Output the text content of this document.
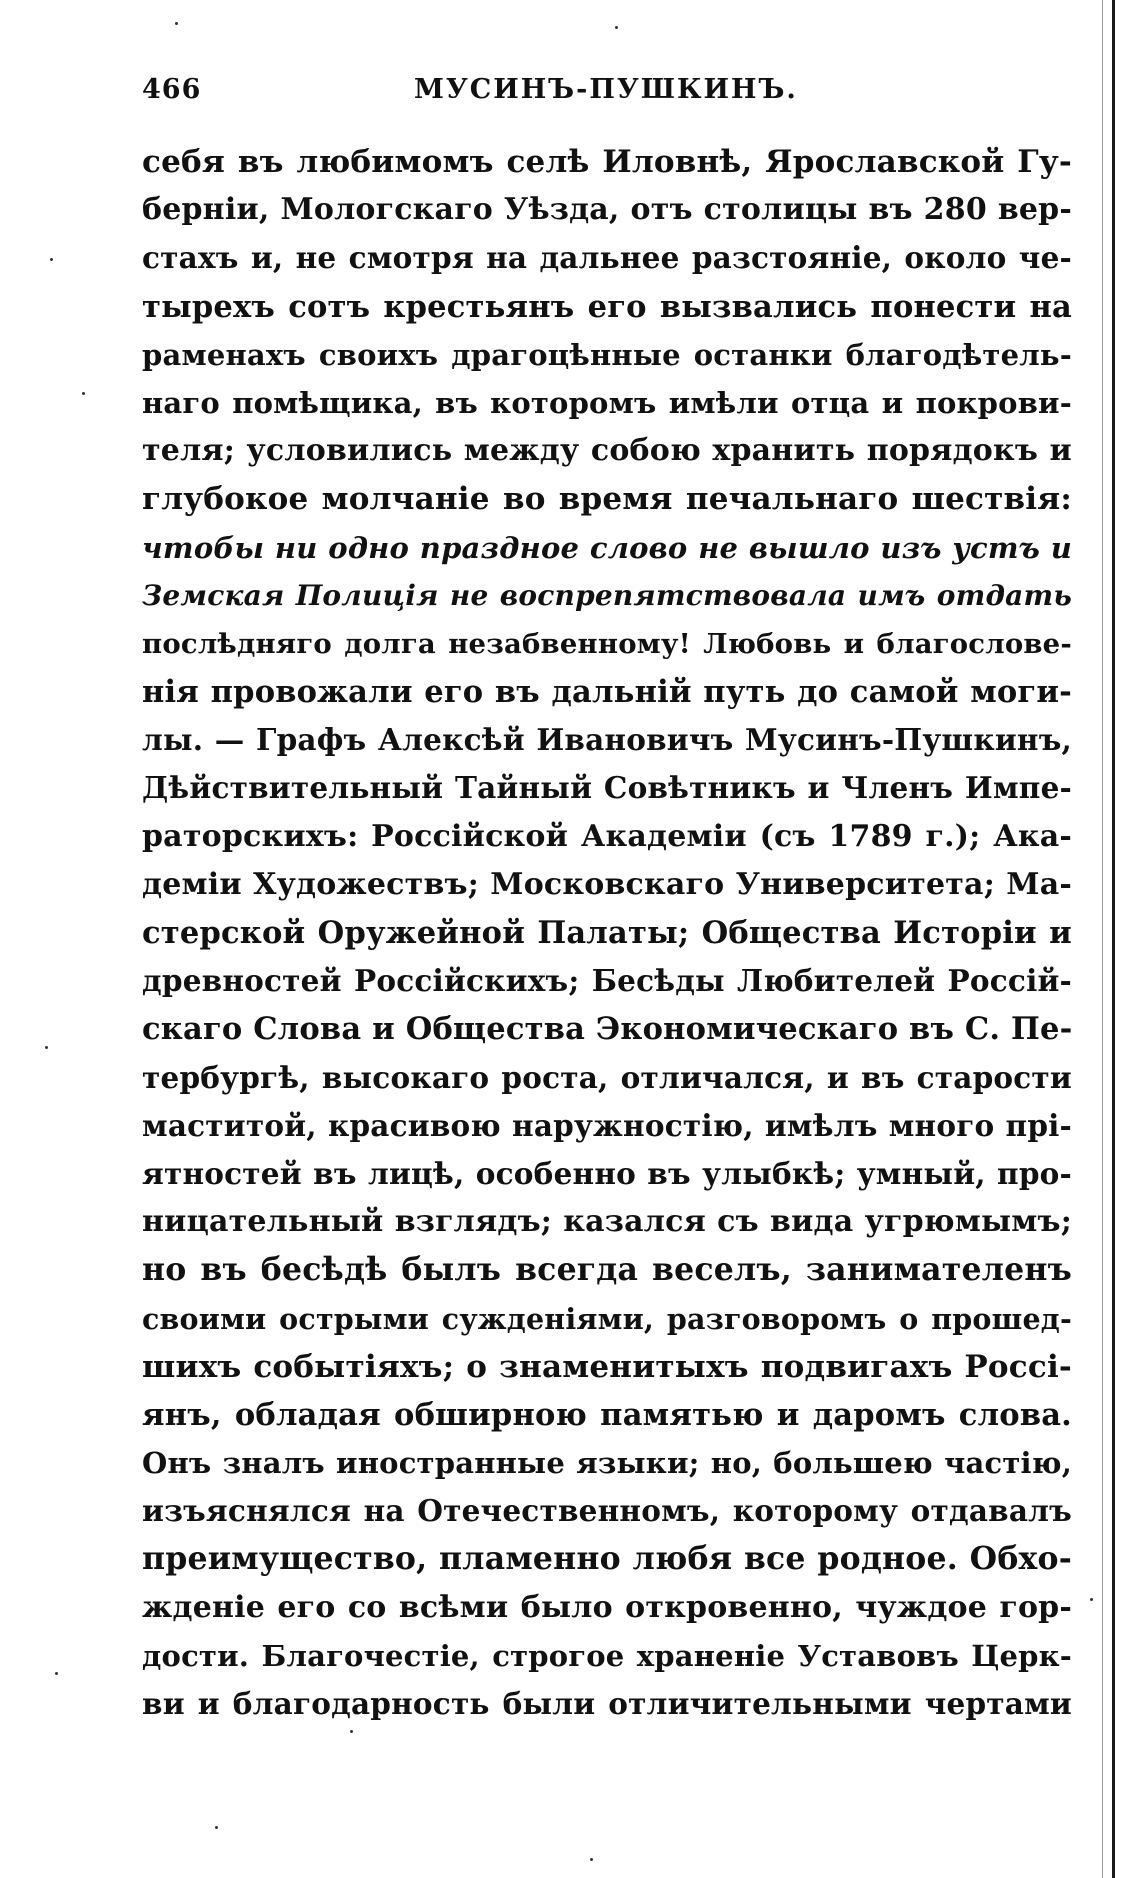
466	МУСИНЪ-ПУШКИНЪ.
себя въ любимомъ селѣ Иловнѣ, Ярославской Гу-
берніи, Мологскаго Уѣзда, отъ столицы въ 280 вер-
стахъ и, не смотря на дальнее разстояніе, около че-
тырехъ сотъ крестьянъ его вызвались понести на
раменахъ своихъ драгоцѣнные останки благодѣтель-
наго помѣщика, въ которомъ имѣли отца и покрови-
теля; условились между собою хранить порядокъ и
глубокое молчаніе во время печальнаго шествія:
чтобы ни одно праздное слово не вышло изъ устъ и
Земская Полиція не воспрепятствовала имъ отдать
послѣднягo долга незабвенному! Любовь и благослове-
нія провожали его въ дальній путь до самой моги-
лы. — Графъ Алексѣй Ивановичъ Мусинъ-Пушкинъ,
Дѣйствительный Тайный Совѣтникъ и Членъ Импе-
раторскихъ: Россійской Академіи (съ 1789 г.); Ака-
деміи Художествъ; Московскаго Университета; Ма-
стерской Оружейной Палаты; Общества Исторіи и
древностей Россійскихъ; Бесѣды Любителей Россій-
скаго Слова и Общества Экономическаго въ С. Пе-
тербургѣ, высокаго роста, отличался, и въ старости
маститой, красивою наружностію, имѣлъ много прі-
ятностей въ лицѣ, особенно въ улыбкѣ; умный, про-
ницательный взглядъ; казался съ вида угрюмымъ;
но въ бесѣдѣ былъ всегда веселъ, занимателенъ
своими острыми сужденіями, разговоромъ о прошед-
шихъ событіяхъ; о знаменитыхъ подвигахъ Россі-
янъ, обладая обширною памятью и даромъ слова.
Онъ зналъ иностранные языки; но, большею частію,
изъяснялся на Отечественномъ, которому отдавалъ
преимущество, пламенно любя все родное. Обхо-
жденіе его со всѣми было откровенно, чуждое гор-
дости. Благочестіе, строгое храненіе Уставовъ Церк-
ви и благодарность были отличительными чертами
